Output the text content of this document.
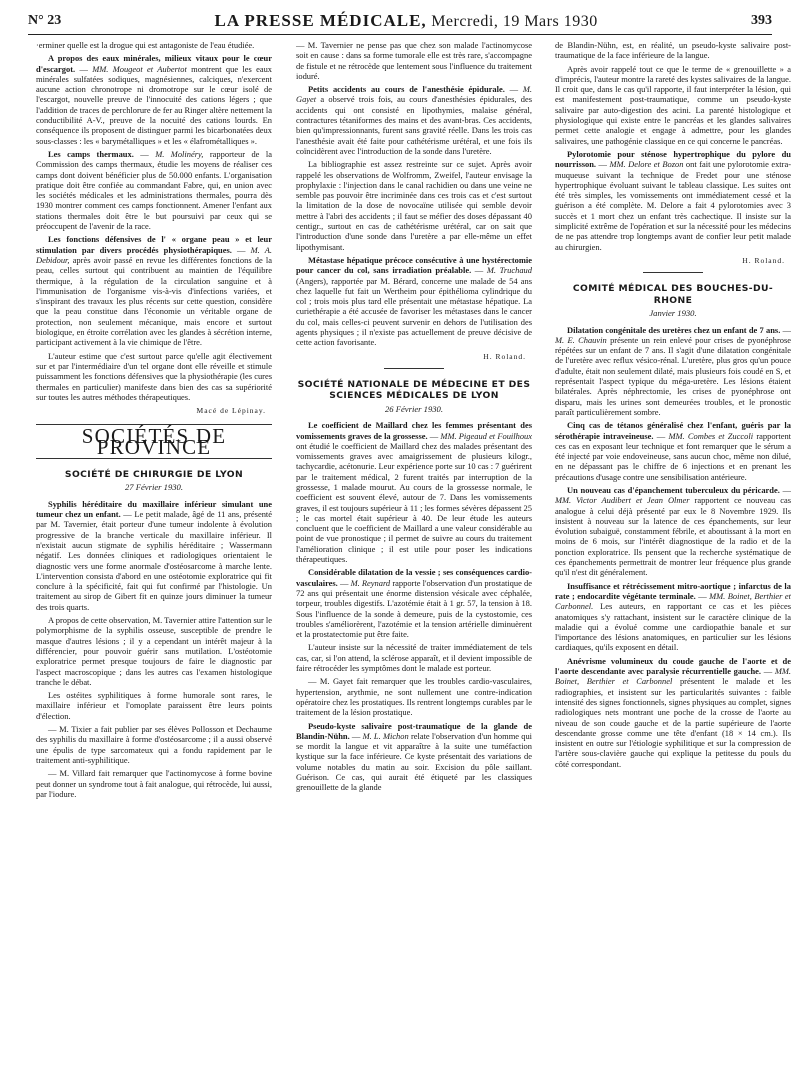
N° 23	LA PRESSE MÉDICALE, Mercredi, 19 Mars 1930	393

·erminer quelle est la drogue qui est antagoniste de l'eau étudiée.

A propos des eaux minérales, milieux vitaux pour le cœur d'escargot. — MM. Mougeot et Aubertot montrent que les eaux minérales sulfatées sodiques, magnésiennes, calciques, n'exercent aucune action chronotrope ni dromotrope sur le cœur isolé de l'escargot, nouvelle preuve de l'innocuité des cations légers ; que l'addition de traces de perchlorure de fer au Ringer altère nettement la conductibilité A-V., preuve de la nocuité des cations lourds. En conséquence ils proposent de distinguer parmi les bicarbonatées deux sous-classes : les « barymétalliques » et les « élafrométalliques ».

Les camps thermaux. — M. Molinéry, rapporteur de la Commission des camps thermaux, étudie les moyens de réaliser ces camps dont doivent bénéficier plus de 50.000 enfants. L'organisation pratique doit être confiée au commandant Fabre, qui, en union avec les sociétés médicales et les administrations thermales, pourra dès 1930 montrer comment ces camps fonctionnent. Amener l'enfant aux stations thermales doit être le but poursuivi par ceux qui se préoccupent de l'avenir de la race.

Les fonctions défensives de l' « organe peau » et leur stimulation par divers procédés physiothérapiques. — M. A. Debidour, après avoir passé en revue les différentes fonctions de la peau, celles surtout qui contribuent au maintien de l'équilibre thermique, à la régulation de la circulation sanguine et à l'immunisation de l'organisme vis-à-vis d'infections variées, et s'inspirant des travaux les plus récents sur cette question, considère que la peau constitue dans l'économie un véritable organe de protection, non seulement mécanique, mais encore et surtout biologique, en étroite corrélation avec les glandes à sécrétion interne, participant activement à la vie chimique de l'être.

L'auteur estime que c'est surtout parce qu'elle agit électivement sur et par l'intermédiaire d'un tel organe dont elle réveille et stimule puissamment les fonctions défensives que la physiothérapie (les cures thermales en particulier) manifeste dans bien des cas sa supériorité sur toutes les autres méthodes thérapeutiques.

Macé de Lépinay.
SOCIÉTÉS DE PROVINCE
SOCIÉTÉ DE CHIRURGIE DE LYON
27 Février 1930.

Syphilis héréditaire du maxillaire inférieur simulant une tumeur chez un enfant. — Le petit malade, âgé de 11 ans, présenté par M. Tavernier, était porteur d'une tumeur indolente à évolution progressive de la branche verticale du maxillaire inférieur. Il n'existait aucun stigmate de syphilis héréditaire ; Wassermann négatif. Les données cliniques et radiologiques orientaient le diagnostic vers une forme anormale d'ostéosarcome à marche lente. L'intervention consista d'abord en une ostéotomie exploratrice qui fit conclure à la spécificité, fait qui fut confirmé par l'histologie. Un traitement au sirop de Gibert fit en quinze jours diminuer la tumeur des trois quarts.

A propos de cette observation, M. Tavernier attire l'attention sur le polymorphisme de la syphilis osseuse, susceptible de prendre le masque d'autres lésions ; il y a cependant un intérêt majeur à la différencier, pour pouvoir guérir sans mutilation. L'ostéotomie exploratrice permet presque toujours de faire le diagnostic par l'aspect macroscopique ; dans les autres cas l'examen histologique tranche le débat.

Les ostéites syphilitiques à forme humorale sont rares, le maxillaire inférieur et l'omoplate paraissent être leurs points d'élection.

— M. Tixier a fait publier par ses élèves Pollosson et Dechaume des syphilis du maxillaire à forme d'ostéosarcome ; il a aussi observé une épulis de type sarcomateux qui a fondu rapidement par le traitement anti-syphilitique.

— M. Villard fait remarquer que l'actinomycose à forme bovine peut donner un syndrome tout à fait analogue, qui rétrocède, lui aussi, par l'iodure.

— M. Tavernier ne pense pas que chez son malade l'actinomycose soit en cause : dans sa forme tumorale elle est très rare, s'accompagne de fistule et ne rétrocède que lentement sous l'influence du traitement ioduré.

Petits accidents au cours de l'anesthésie épidurale. — M. Gayet a observé trois fois, au cours d'anesthésies épidurales, des accidents qui ont consisté en lipothymies, malaise général, contractures tétaniformes des mains et des avant-bras. Ces accidents, bien qu'impressionnants, furent sans gravité réelle. Dans les trois cas l'anesthésie avait été faite pour cathétérisme urétéral, et une fois ils coïncidèrent avec l'introduction de la sonde dans l'uretère.

La bibliographie est assez restreinte sur ce sujet. Après avoir rappelé les observations de Wolfromm, Zweifel, l'auteur envisage la prophylaxie : l'injection dans le canal rachidien ou dans une veine ne semble pas pouvoir être incriminée dans ces trois cas et c'est surtout la limitation de la dose de novocaïne utilisée qui semble devoir mettre à l'abri des accidents ; il faut se méfier des doses dépassant 40 centigr., surtout en cas de cathétérisme urétéral, car on sait que l'introduction d'une sonde dans l'uretère a par elle-même un effet lipothymisant.

Métastase hépatique précoce consécutive à une hystérectomie pour cancer du col, sans irradiation préalable. — M. Truchaud (Angers), rapportée par M. Bérard, concerne une malade de 54 ans chez laquelle fut fait un Wertheim pour épithélioma cylindrique du col ; trois mois plus tard elle présentait une métastase hépatique. La curiethérapie a été accusée de favoriser les métastases dans le cancer du col, mais celles-ci peuvent survenir en dehors de l'utilisation des agents physiques ; il n'existe pas actuellement de preuve décisive de cette action favorisante.

H. Roland.
SOCIÉTÉ NATIONALE DE MÉDECINE ET DES SCIENCES MÉDICALES DE LYON
26 Février 1930.

Le coefficient de Maillard chez les femmes présentant des vomissements graves de la grossesse. — MM. Pigeaud et Fouilhoux ont étudié le coefficient de Maillard chez des malades présentant des vomissements graves avec amaigrissement de plusieurs kilogr., tachycardie, acétonurie. Leur expérience porte sur 10 cas : 7 guérirent par le traitement médical, 2 furent traités par interruption de la grossesse, 1 malade mourut. Au cours de la grossesse normale, le coefficient est souvent élevé, autour de 7. Dans les vomissements graves, il est toujours supérieur à 11 ; les formes sévères dépassent 25 ; le cas mortel était supérieur à 40. De leur étude les auteurs concluent que le coefficient de Maillard a une valeur considérable au point de vue pronostique ; il permet de suivre au cours du traitement l'amélioration clinique ; il est utile pour poser les indications thérapeutiques.

Considérable dilatation de la vessie ; ses conséquences cardio-vasculaires. — M. Reynard rapporte l'observation d'un prostatique de 72 ans qui présentait une énorme distension vésicale avec céphalée, torpeur, troubles digestifs. L'azotémie était à 1 gr. 57, la tension à 18. Sous l'influence de la sonde à demeure, puis de la cystostomie, ces troubles s'améliorèrent, l'azotémie et la tension artérielle diminuèrent et la prostatectomie put être faite.

L'auteur insiste sur la nécessité de traiter immédiatement de tels cas, car, si l'on attend, la sclérose apparaît, et il devient impossible de faire rétrocéder les symptômes dont le malade est porteur.

— M. Gayet fait remarquer que les troubles cardio-vasculaires, hypertension, arythmie, ne sont nullement une contre-indication opératoire chez les prostatiques. Ils rentrent longtemps curables par le traitement de la lésion prostatique.

Pseudo-kyste salivaire post-traumatique de la glande de Blandin-Nühn. — M. L. Michon relate l'observation d'un homme qui se mordit la langue et vit apparaître à la suite une tuméfaction kystique sur la face inférieure. Ce kyste présentait des variations de volume notables du matin au soir. Excision du pôle saillant. Guérison. Ce cas, qui aurait été étiqueté par les classiques grenouillette de la glande

de Blandin-Nühn, est, en réalité, un pseudo-kyste salivaire post-traumatique de la face inférieure de la langue.

Après avoir rappelé tout ce que le terme de « grenouillette » a d'imprécis, l'auteur montre la rareté des kystes salivaires de la langue. Il croit que, dans le cas qu'il rapporte, il faut interpréter la lésion, qui est manifestement post-traumatique, comme un pseudo-kyste salivaire par auto-digestion des acini. La parenté histologique et physiologique qui existe entre le pancréas et les glandes salivaires permet cette analogie et engage à admettre, pour les glandes salivaires, une pathogénie classique en ce qui concerne le pancréas.

Pylorotomie pour sténose hypertrophique du pylore du nourrisson. — MM. Delore et Bozon ont fait une pylorotomie extra-muqueuse suivant la technique de Fredet pour une sténose hypertrophique évoluant suivant le tableau classique. Les suites ont été très simples, les vomissements ont immédiatement cessé et la guérison a été complète. M. Delore a fait 4 pylorotomies avec 3 succès et 1 mort chez un enfant très cachectique. Il insiste sur la simplicité extrême de l'opération et sur la nécessité pour les médecins de ne pas attendre trop longtemps avant de confier leur petit malade au chirurgien.

H. Roland.
COMITÉ MÉDICAL DES BOUCHES-DU-RHONE
Janvier 1930.

Dilatation congénitale des uretères chez un enfant de 7 ans. — M. E. Chauvin présente un rein enlevé pour crises de pyonéphrose répétées sur un enfant de 7 ans. Il s'agit d'une dilatation congénitale de l'uretère avec reflux vésico-rénal. L'uretère, plus gros qu'un pouce d'adulte, était non seulement dilaté, mais plusieurs fois coudé en S, et représentait l'aspect typique du méga-uretère. Les lésions étaient bilatérales. Après néphrectomie, les crises de pyonéphrose ont disparu, mais les urines sont demeurées troubles, et le pronostic paraît particulièrement sombre.

Cinq cas de tétanos généralisé chez l'enfant, guéris par la sérothérapie intraveineuse. — MM. Combes et Zuccoli rapportent ces cas en exposant leur technique et font remarquer que le sérum a été injecté par voie endoveineuse, sans aucun choc, même non dilué, en ne dépassant pas le chiffre de 6 injections et en prenant les précautions d'usage contre une sensibilisation antérieure.

Un nouveau cas d'épanchement tuberculeux du péricarde. — MM. Victor Audibert et Jean Olmer rapportent ce nouveau cas analogue à celui déjà présenté par eux le 8 Novembre 1929. Ils insistent à nouveau sur la latence de ces épanchements, sur leur évolution subaiguë, constamment fébrile, et aboutissant à la mort en moins de 6 mois, sur l'intérêt diagnostique de la radio et de la ponction exploratrice. Ils pensent que la recherche systématique de ces épanchements permettrait de montrer leur fréquence plus grande qu'il n'est dit généralement.

Insuffisance et rétrécissement mitro-aortique ; infarctus de la rate ; endocardite végétante terminale. — MM. Boinet, Berthier et Carbonnel. Les auteurs, en rapportant ce cas et les pièces anatomiques s'y rattachant, insistent sur le caractère clinique de la maladie qui a évolué comme une cardiopathie banale et sur l'importance des lésions anatomiques, en particulier sur les lésions cardiaques, qu'ils exposent en détail.

Anévrisme volumineux du coude gauche de l'aorte et de l'aorte descendante avec paralysie récurrentielle gauche. — MM. Boinet, Berthier et Carbonnel présentent le malade et les radiographies, et insistent sur les particularités suivantes : faible intensité des signes fonctionnels, signes physiques au complet, signes radiologiques nets montrant une poche de la crosse de l'aorte au niveau de son coude gauche et de la partie supérieure de l'aorte descendante grosse comme une tête d'enfant (18 × 14 cm.). Ils insistent en outre sur l'étiologie syphilitique et sur la compression de l'artère sous-clavière gauche qui explique la petitesse du pouls du côté correspondant.
